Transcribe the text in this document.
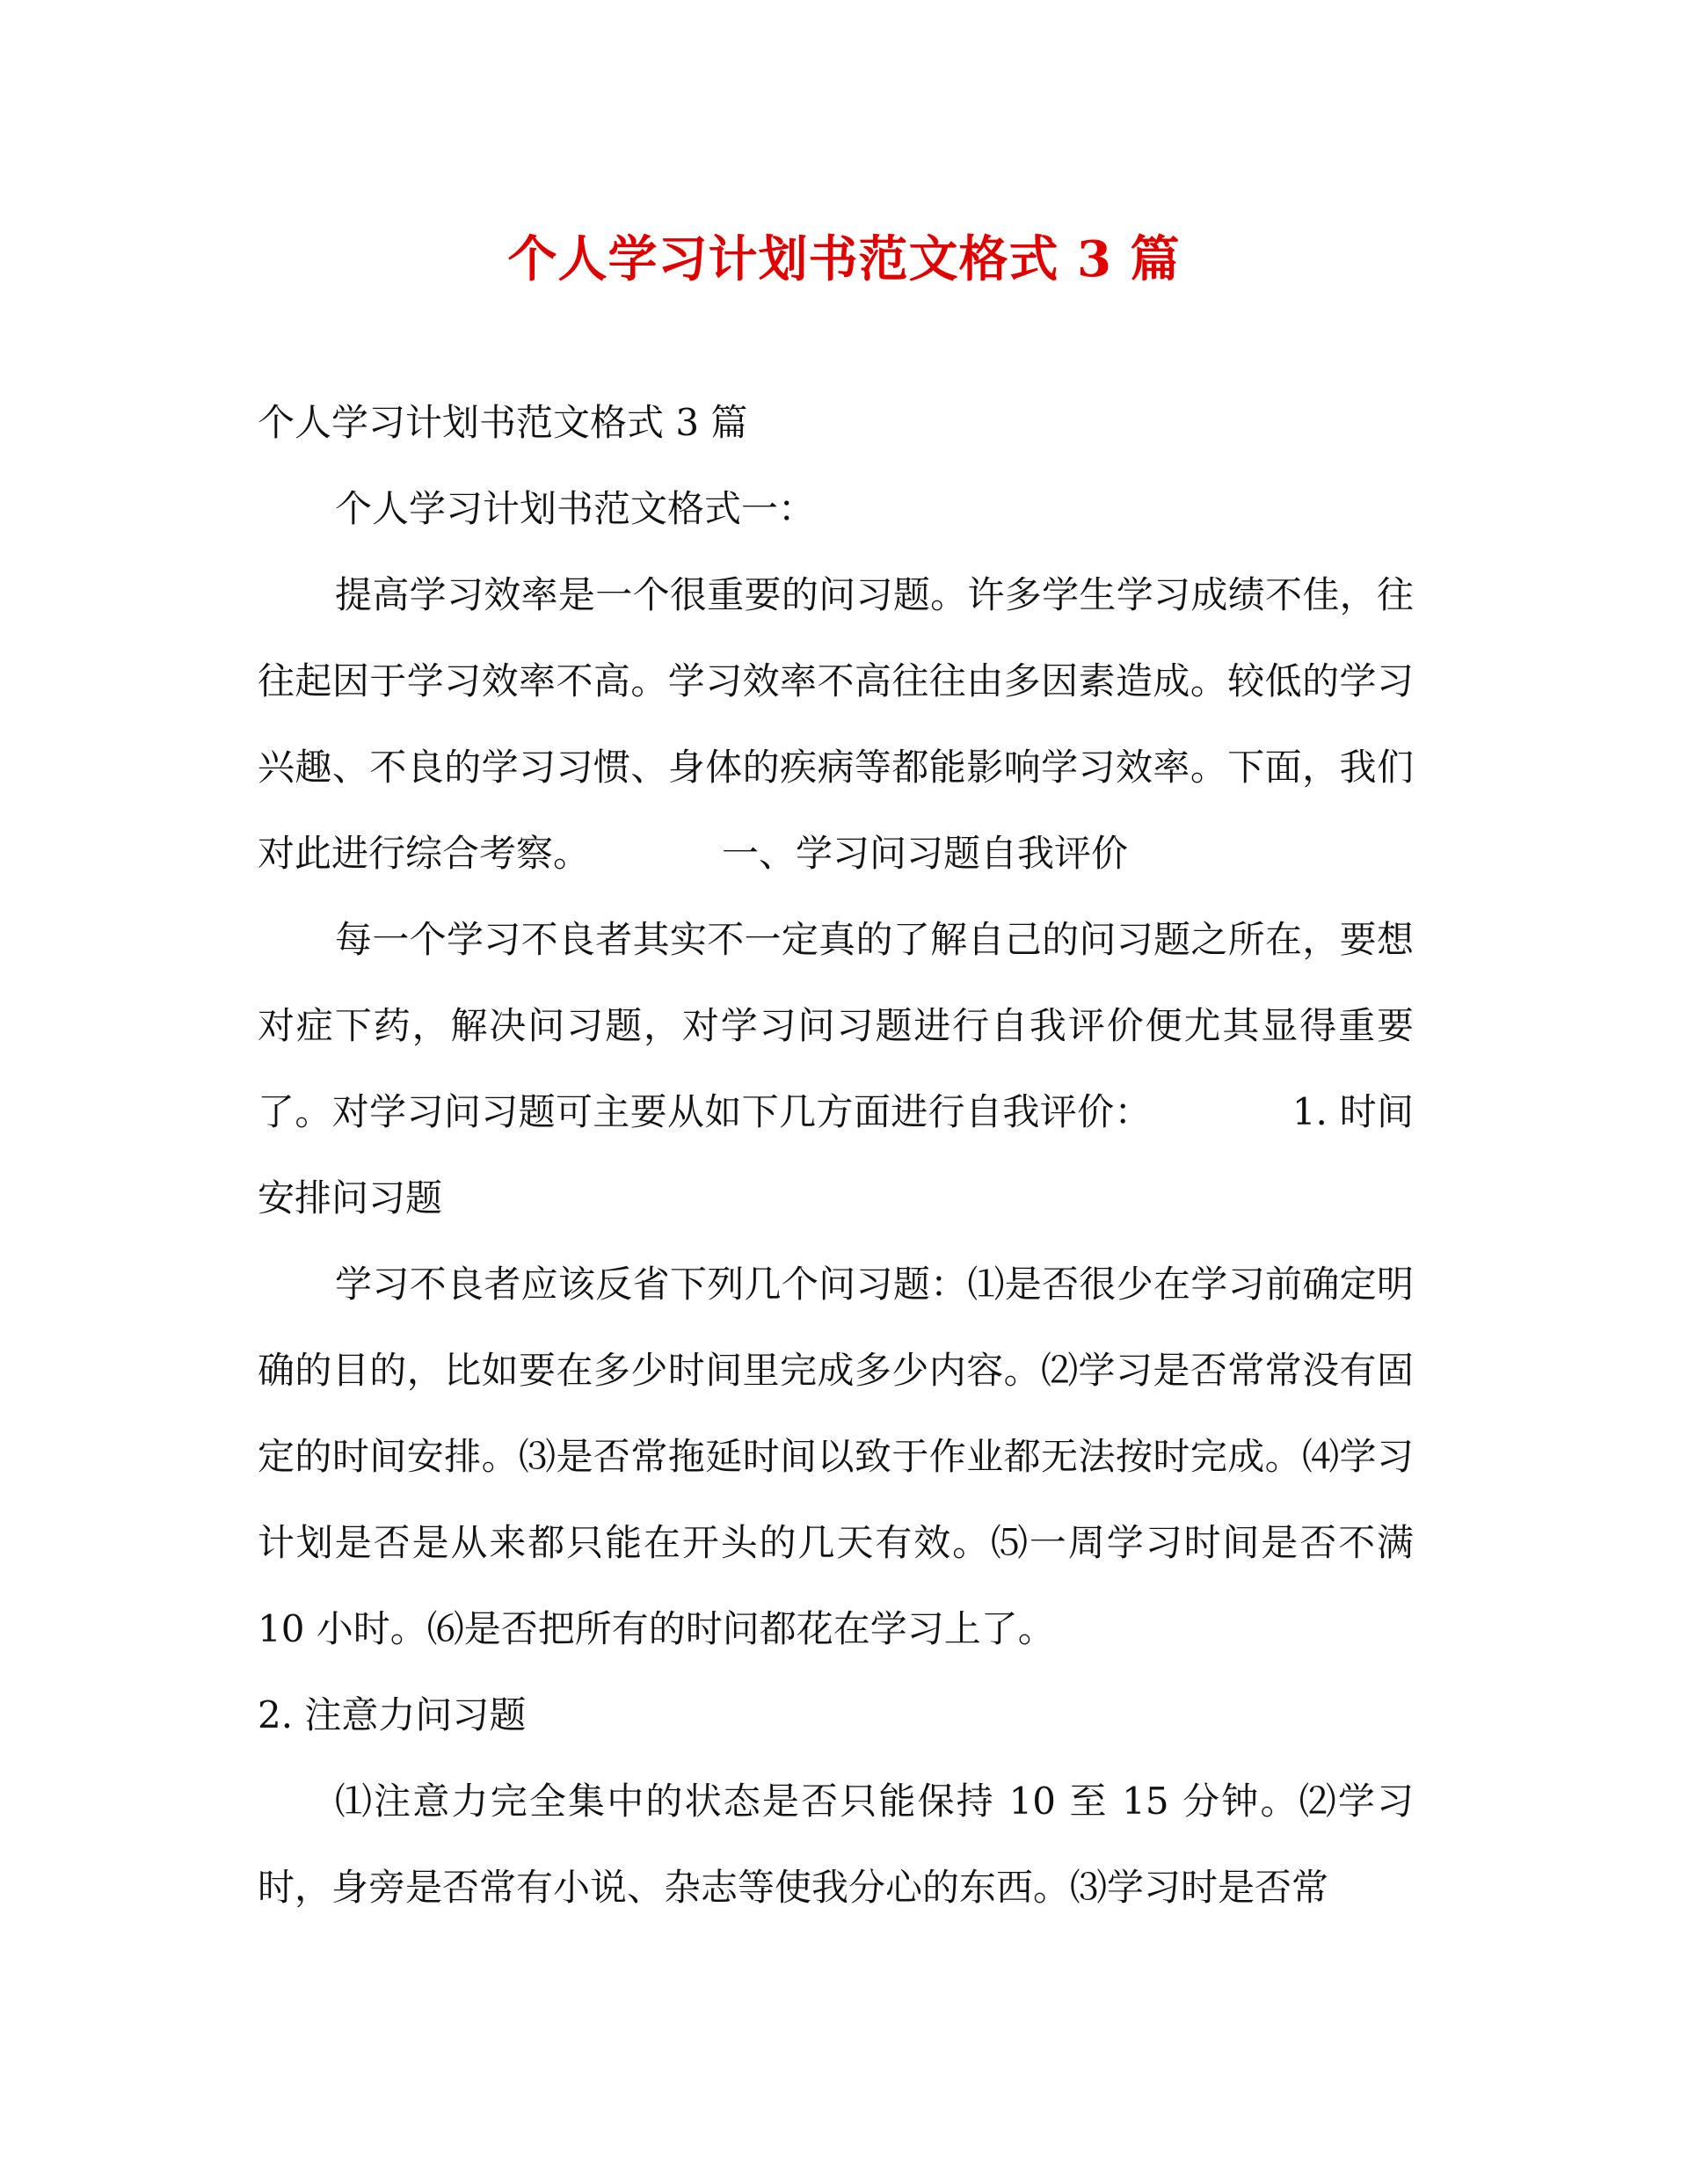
个人学习计划书范文格式 3 篇

个人学习计划书范文格式 3 篇

个人学习计划书范文格式一：

提高学习效率是一个很重要的问习题。许多学生学习成绩不佳，往往起因于学习效率不高。学习效率不高往往由多因素造成。较低的学习兴趣、不良的学习习惯、身体的疾病等都能影响学习效率。下面，我们对此进行综合考察。	一、学习问习题自我评价

每一个学习不良者其实不一定真的了解自己的问习题之所在，要想对症下药，解决问习题，对学习问习题进行自我评价便尤其显得重要了。对学习问习题可主要从如下几方面进行自我评价：	1. 时间安排问习题

学习不良者应该反省下列几个问习题：⑴是否很少在学习前确定明确的目的，比如要在多少时间里完成多少内容。⑵学习是否常常没有固定的时间安排。⑶是否常拖延时间以致于作业都无法按时完成。⑷学习计划是否是从来都只能在开头的几天有效。⑸一周学习时间是否不满 10 小时。⑹是否把所有的时问都花在学习上了。

2. 注意力问习题

⑴注意力完全集中的状态是否只能保持 10 至 15 分钟。⑵学习时，身旁是否常有小说、杂志等使我分心的东西。⑶学习时是否常
